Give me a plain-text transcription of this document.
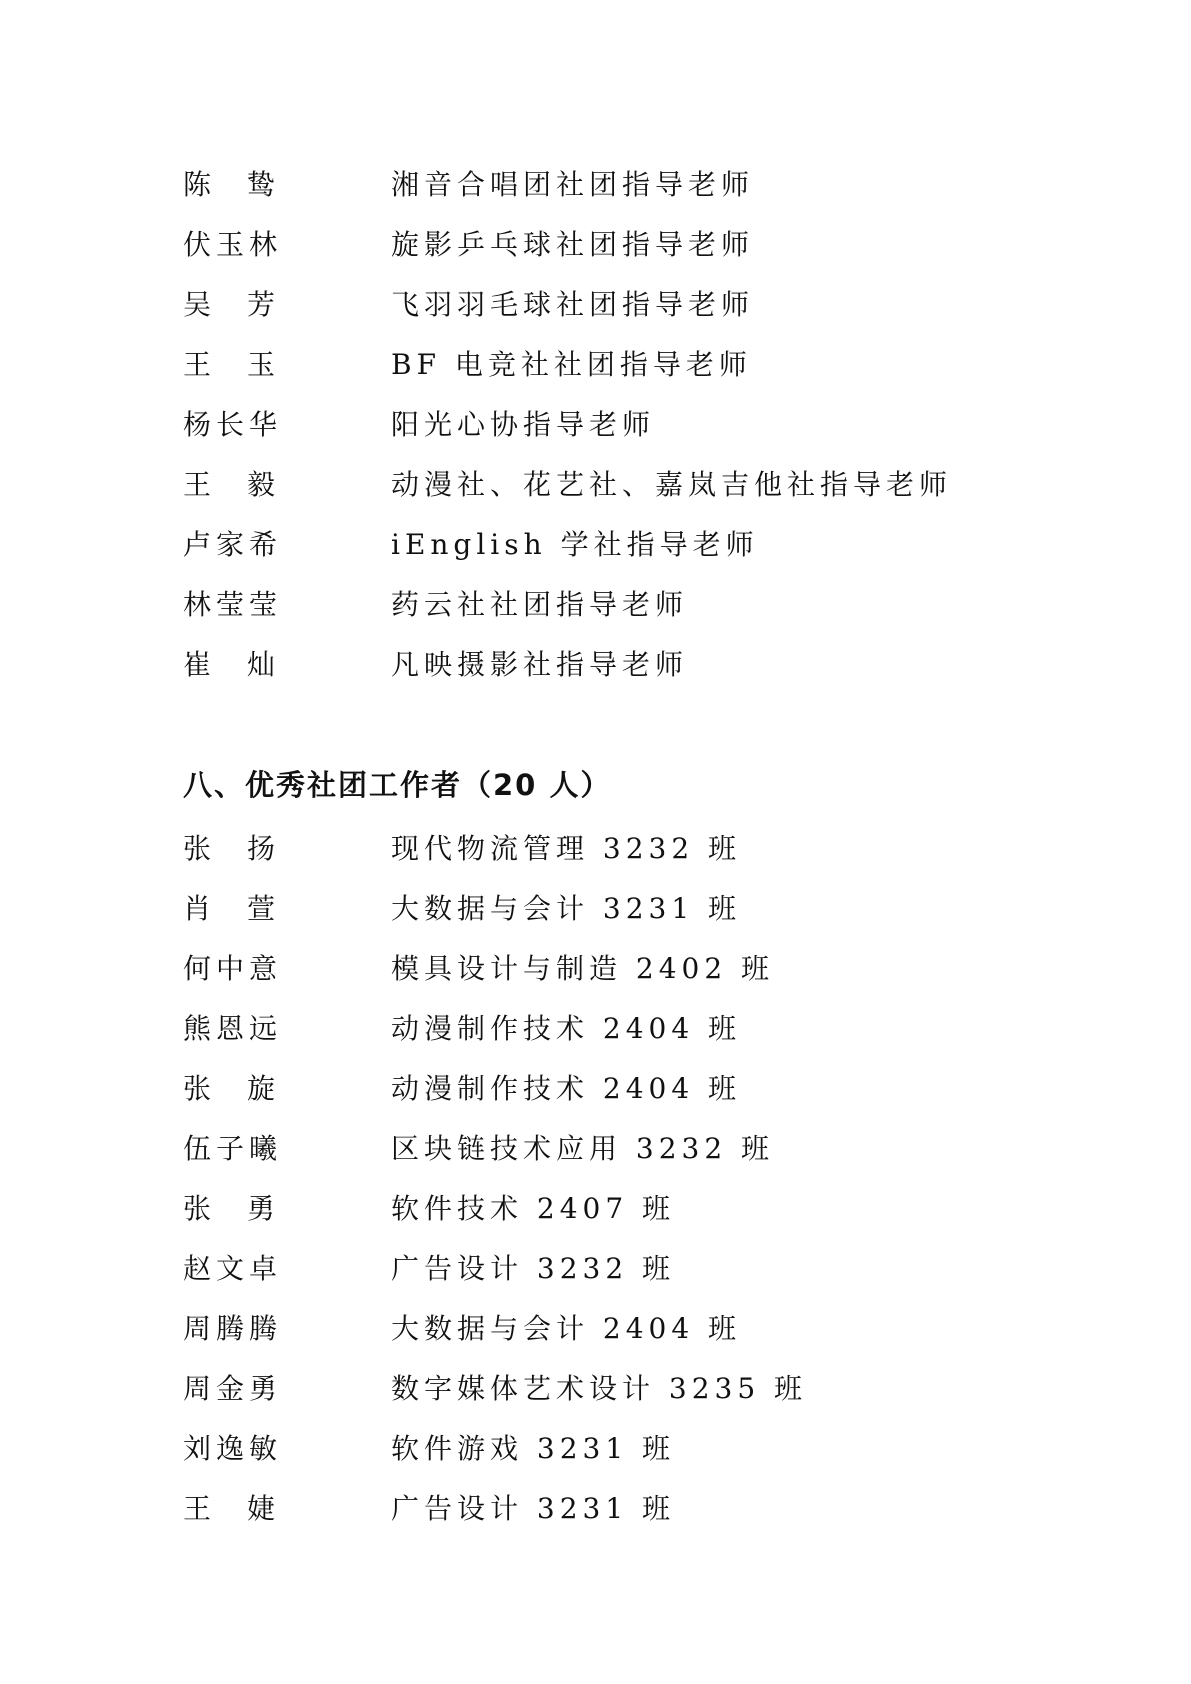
陈 鸷	湘音合唱团社团指导老师
伏玉林	旋影乒乓球社团指导老师
吴 芳	飞羽羽毛球社团指导老师
王 玉	BF 电竞社社团指导老师
杨长华	阳光心协指导老师
王 毅	动漫社、花艺社、嘉岚吉他社指导老师
卢家希	iEnglish 学社指导老师
林莹莹	药云社社团指导老师
崔 灿	凡映摄影社指导老师
八、优秀社团工作者（20 人）
张 扬	现代物流管理 3232 班
肖 萱	大数据与会计 3231 班
何中意	模具设计与制造 2402 班
熊恩远	动漫制作技术 2404 班
张 旋	动漫制作技术 2404 班
伍子曦	区块链技术应用 3232 班
张 勇	软件技术 2407 班
赵文卓	广告设计 3232 班
周腾腾	大数据与会计 2404 班
周金勇	数字媒体艺术设计 3235 班
刘逸敏	软件游戏 3231 班
王 婕	广告设计 3231 班
